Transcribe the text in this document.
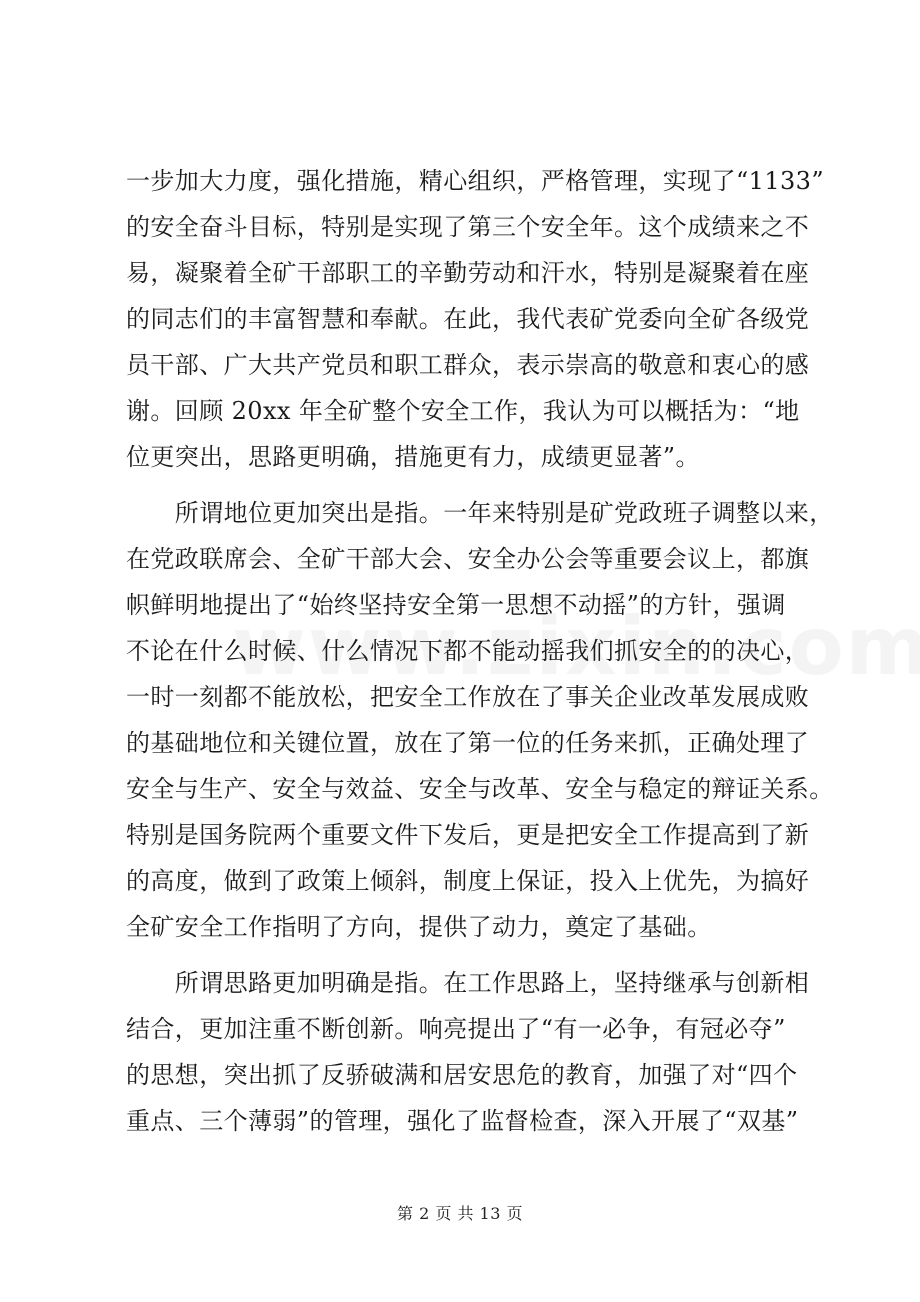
一步加大力度，强化措施，精心组织，严格管理，实现了“1133”
的安全奋斗目标，特别是实现了第三个安全年。这个成绩来之不
易，凝聚着全矿干部职工的辛勤劳动和汗水，特别是凝聚着在座
的同志们的丰富智慧和奉献。在此，我代表矿党委向全矿各级党
员干部、广大共产党员和职工群众，表示崇高的敬意和衷心的感
谢。回顾 20xx 年全矿整个安全工作，我认为可以概括为：“地
位更突出，思路更明确，措施更有力，成绩更显著”。
　　所谓地位更加突出是指。一年来特别是矿党政班子调整以来，
在党政联席会、全矿干部大会、安全办公会等重要会议上，都旗
帜鲜明地提出了“始终坚持安全第一思想不动摇”的方针，强调
不论在什么时候、什么情况下都不能动摇我们抓安全的的决心，
一时一刻都不能放松，把安全工作放在了事关企业改革发展成败
的基础地位和关键位置，放在了第一位的任务来抓，正确处理了
安全与生产、安全与效益、安全与改革、安全与稳定的辩证关系。
特别是国务院两个重要文件下发后，更是把安全工作提高到了新
的高度，做到了政策上倾斜，制度上保证，投入上优先，为搞好
全矿安全工作指明了方向，提供了动力，奠定了基础。
　　所谓思路更加明确是指。在工作思路上，坚持继承与创新相
结合，更加注重不断创新。响亮提出了“有一必争，有冠必夺”
的思想，突出抓了反骄破满和居安思危的教育，加强了对“四个
重点、三个薄弱”的管理，强化了监督检查，深入开展了“双基”
第 2 页 共 13 页
